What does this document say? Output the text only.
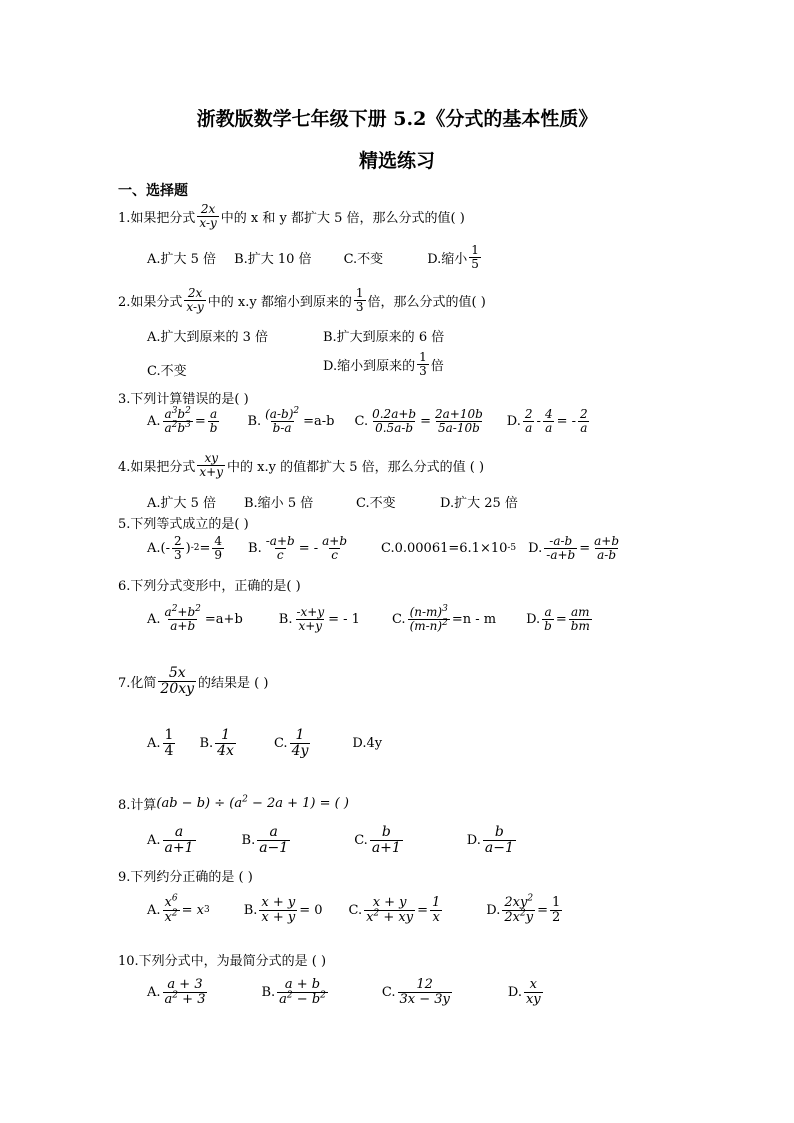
浙教版数学七年级下册 5.2《分式的基本性质》
精选练习
一、选择题
1.如果把分式 $\frac{2x}{x-y}$ 中的 x 和 y 都扩大 5 倍，那么分式的值( )
A.扩大 5 倍 B.扩大 10 倍 C.不变	D.缩小 $\frac{1}{5}$
2.如果分式 $\frac{2x}{x-y}$ 中的 x.y 都缩小到原来的 $\frac{1}{3}$ 倍，那么分式的值( )
A.扩大到原来的 3 倍	B.扩大到原来的 6 倍
C.不变	D.缩小到原来的 $\frac{1}{3}$ 倍
3.下列计算错误的是( )
A. $\frac{a^3b^2}{a^2b^3} = \frac{a}{b} B$. $\frac{(a-b)^2}{b-a} =a-b$ C. $\frac{0.2a+b}{0.5a-b} = \frac{2a+10b}{5a-10b} D$. $\frac{2}{a} - \frac{4}{a}$ = - $\frac{2}{a}$
4.如果把分式 $\frac{xy}{x+y}$ 中的 x.y 的值都扩大 5 倍，那么分式的值 ( )
A.扩大 5 倍	B.缩小 5 倍	C.不变	D.扩大 25 倍
5.下列等式成立的是( )
$A.(- \frac{2}{3}$ ) $-2 = \frac{4}{9} B$. $\frac{-a+b}{c}$ = - $\frac{a+b}{c} C.0.00061=6.1\times 10$ -5 D. $\frac{-a-b}{-a+b} = \frac{a+b}{a-b}$
6.下列分式变形中，正确的是( )
A. $\frac{a^2+b^2}{a+b} =a+b$	B. $\frac{-x+y}{x+y}$ = - 1 C. $\frac{(n-m)^3}{(m-n)^2} =n - m$ D. $\frac{a}{b} = \frac{am}{bm}$
7.化简 $\frac{5x}{20xy}$ 的结果是 ( )
A. $\frac{1}{4} B$. $\frac{1}{4x}$	C. $\frac{1}{4y}$	D.4y
8.计算 $(ab - b) \div (a^2 - 2a + 1)$ = ( )
A. $\frac{a}{a+1}$	B. $\frac{a}{a-1}$	C. $\frac{b}{a+1}$	D. $\frac{b}{a-1}$
9.下列约分正确的是 ( )
A. $\frac{x^6}{x^2} = x$ 3	B. $\frac{x + y}{x + y} = 0$ C. $\frac{x + y}{x^2 + xy} = \frac{1}{x}$	D. $\frac{2xy^2}{2x^2y} = \frac{1}{2}$
10.下列分式中，为最简分式的是 ( )
A. $\frac{a + 3}{a^2 + 3}$	B. $\frac{a + b}{a^2 - b^2}$	C. $\frac{12}{3x - 3y}$	D. $\frac{x}{xy}$
